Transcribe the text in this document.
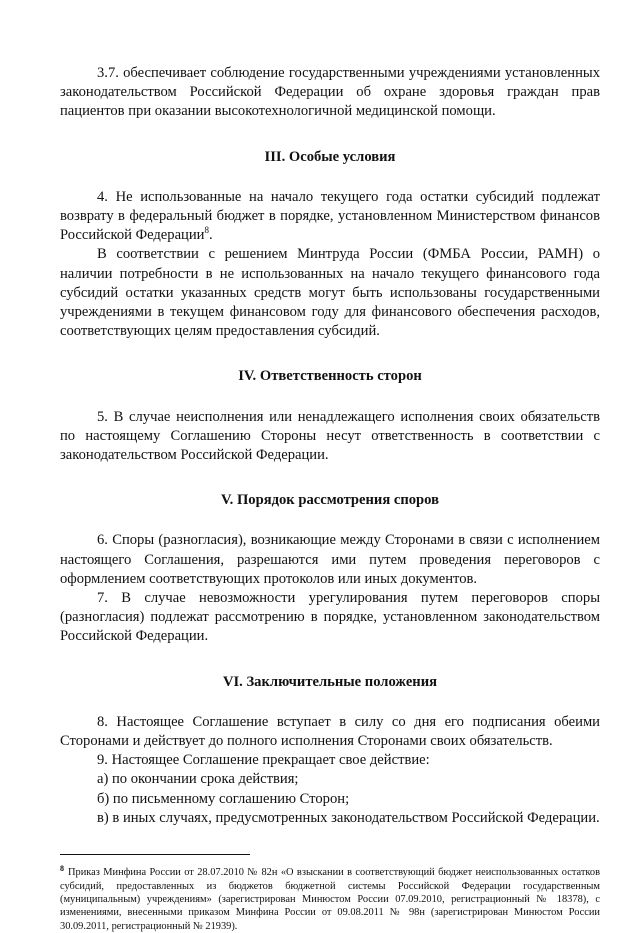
3.7. обеспечивает соблюдение государственными учреждениями установленных законодательством Российской Федерации об охране здоровья граждан прав пациентов при оказании высокотехнологичной медицинской помощи.

III. Особые условия

4. Не использованные на начало текущего года остатки субсидий подлежат возврату в федеральный бюджет в порядке, установленном Министерством финансов Российской Федерации$^8$.

В соответствии с решением Минтруда России (ФМБА России, РАМН) о наличии потребности в не использованных на начало текущего финансового года субсидий остатки указанных средств могут быть использованы государственными учреждениями в текущем финансовом году для финансового обеспечения расходов, соответствующих целям предоставления субсидий.

IV. Ответственность сторон

5. В случае неисполнения или ненадлежащего исполнения своих обязательств по настоящему Соглашению Стороны несут ответственность в соответствии с законодательством Российской Федерации.

V. Порядок рассмотрения споров

6. Споры (разногласия), возникающие между Сторонами в связи с исполнением настоящего Соглашения, разрешаются ими путем проведения переговоров с оформлением соответствующих протоколов или иных документов.

7. В случае невозможности урегулирования путем переговоров споры (разногласия) подлежат рассмотрению в порядке, установленном законодательством Российской Федерации.

VI. Заключительные положения

8. Настоящее Соглашение вступает в силу со дня его подписания обеими Сторонами и действует до полного исполнения Сторонами своих обязательств.

9. Настоящее Соглашение прекращает свое действие:

а) по окончании срока действия;

б) по письменному соглашению Сторон;

в) в иных случаях, предусмотренных законодательством Российской Федерации.

$^8$ Приказ Минфина России от 28.07.2010 № 82н «О взыскании в соответствующий бюджет неиспользованных остатков субсидий, предоставленных из бюджетов бюджетной системы Российской Федерации государственным (муниципальным) учреждениям» (зарегистрирован Минюстом России 07.09.2010, регистрационный № 18378), с изменениями, внесенными приказом Минфина России от 09.08.2011 № 98н (зарегистрирован Минюстом России 30.09.2011, регистрационный № 21939).
